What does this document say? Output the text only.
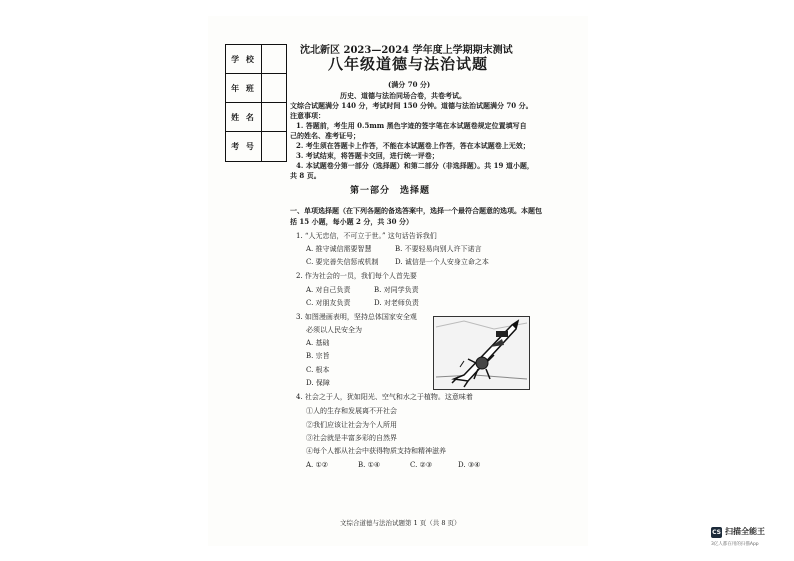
学 校
年 班
姓 名
考 号
沈北新区 2023—2024 学年度上学期期末测试
八年级道德与法治试题
(满分 70 分)
历史、道德与法治同场合卷，共卷考试。
文综合试题满分 140 分，考试时间 150 分钟。道德与法治试题满分 70 分。
注意事项：
1. 答题前，考生用 0.5mm 黑色字迹的签字笔在本试题卷规定位置填写自
己的姓名、准考证号；
2. 考生须在答题卡上作答，不能在本试题卷上作答，答在本试题卷上无效；
3. 考试结束，将答题卡交回，进行统一评卷；
4. 本试题卷分第一部分（选择题）和第二部分（非选择题）。共 19 道小题，
共 8 页。
第一部分　选择题
一、单项选择题（在下列各题的备选答案中，选择一个最符合题意的选项。本题包
括 15 小题，每小题 2 分，共 30 分）
1. “人无忠信，不可立于世。” 这句话告诉我们
A. 推守诚信需要智慧	B. 不要轻易向别人许下诺言
C. 要完善失信惩戒机制 D. 诚信是一个人安身立命之本
2. 作为社会的一员，我们每个人首先要
A. 对自己负责	B. 对同学负责
C. 对朋友负责	D. 对老师负责
3. 如图漫画表明，坚持总体国家安全观
必须以人民安全为
A. 基础
B. 宗旨
C. 根本
D. 保障
4. 社会之于人，犹如阳光、空气和水之于植物。这意味着
①人的生存和发展离不开社会
②我们应该让社会为个人所用
③社会就是丰富多彩的自然界
④每个人都从社会中获得物质支持和精神滋养
A. ①②	B. ①④	C. ②③	D. ③④
文综合道德与法治试题第 1 页（共 8 页）
CS 扫描全能王
3亿人都在用的扫描App
